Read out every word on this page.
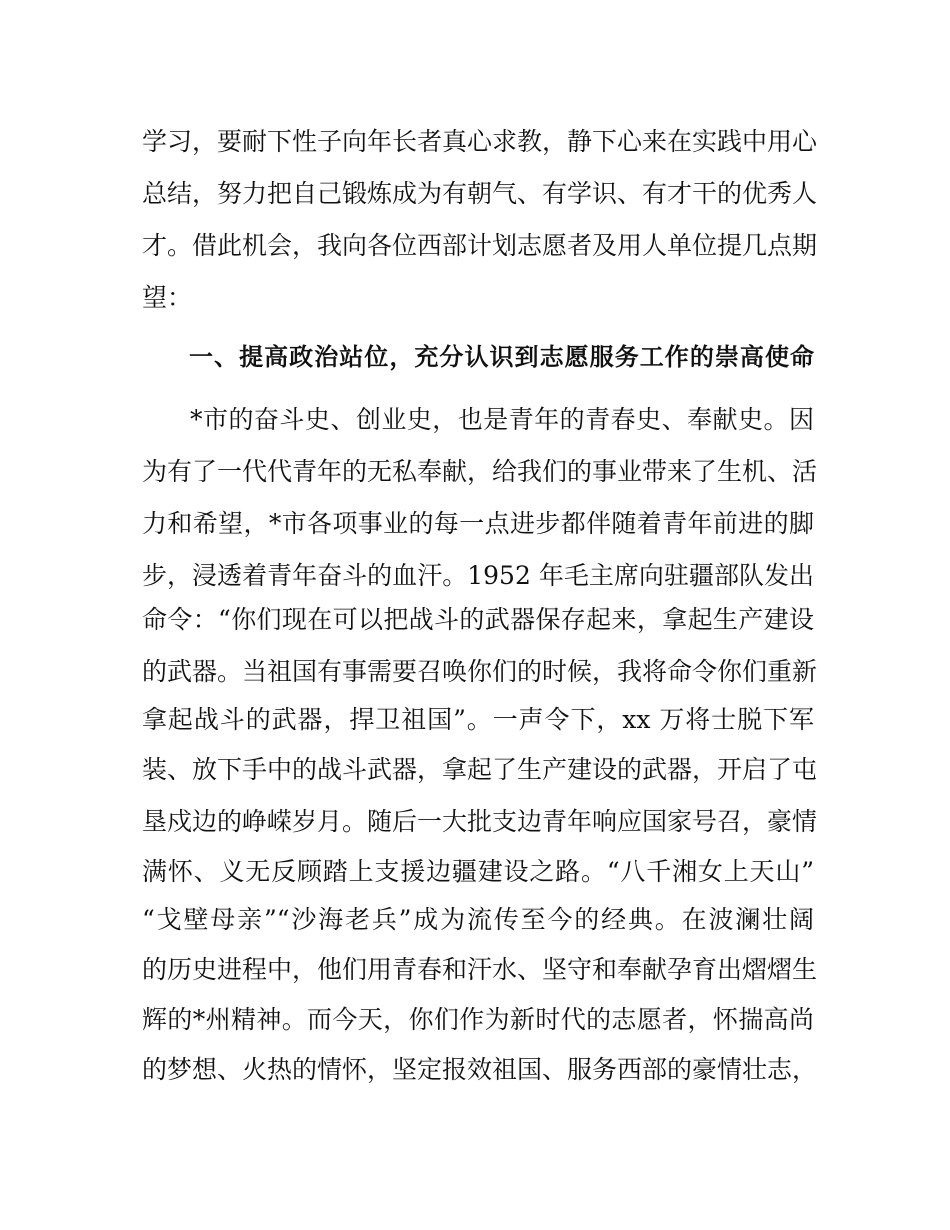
学习，要耐下性子向年长者真心求教，静下心来在实践中用心
总结，努力把自己锻炼成为有朝气、有学识、有才干的优秀人
才。借此机会，我向各位西部计划志愿者及用人单位提几点期
望：
一、提高政治站位，充分认识到志愿服务工作的崇高使命
*市的奋斗史、创业史，也是青年的青春史、奉献史。因
为有了一代代青年的无私奉献，给我们的事业带来了生机、活
力和希望，*市各项事业的每一点进步都伴随着青年前进的脚
步，浸透着青年奋斗的血汗。1952 年毛主席向驻疆部队发出
命令：“你们现在可以把战斗的武器保存起来，拿起生产建设
的武器。当祖国有事需要召唤你们的时候，我将命令你们重新
拿起战斗的武器，捍卫祖国”。一声令下，xx 万将士脱下军
装、放下手中的战斗武器，拿起了生产建设的武器，开启了屯
垦戍边的峥嵘岁月。随后一大批支边青年响应国家号召，豪情
满怀、义无反顾踏上支援边疆建设之路。“八千湘女上天山”
“戈壁母亲”“沙海老兵”成为流传至今的经典。在波澜壮阔
的历史进程中，他们用青春和汗水、坚守和奉献孕育出熠熠生
辉的*州精神。而今天，你们作为新时代的志愿者，怀揣高尚
的梦想、火热的情怀，坚定报效祖国、服务西部的豪情壮志，
